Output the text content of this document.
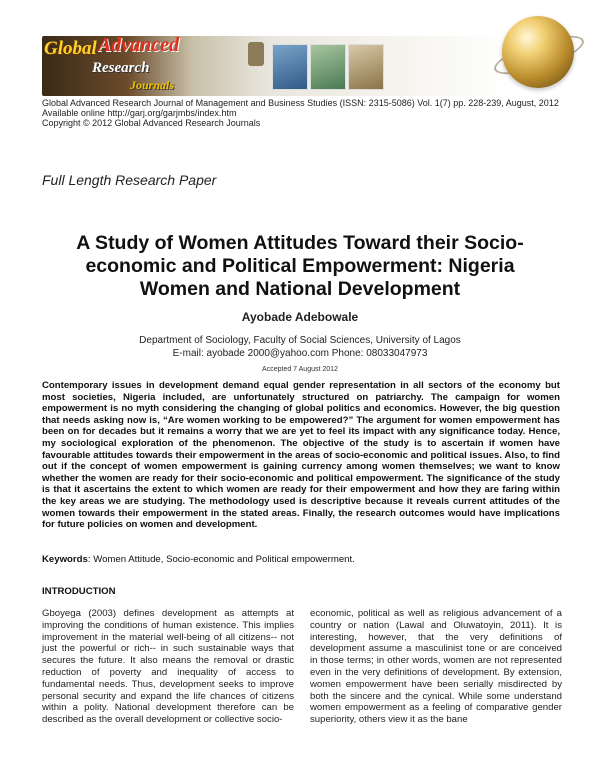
Global Advanced
Research
Journals
Global Advanced Research Journal of Management and Business Studies (ISSN: 2315-5086) Vol. 1(7) pp. 228-239, August, 2012
Available online http://garj.org/garjmbs/index.htm
Copyright © 2012 Global Advanced Research Journals
Full Length Research Paper
A Study of Women Attitudes Toward their Socio-economic and Political Empowerment: Nigeria Women and National Development
Ayobade Adebowale
Department of Sociology, Faculty of Social Sciences, University of Lagos
E-mail: ayobade 2000@yahoo.com Phone: 08033047973
Accepted 7 August 2012
Contemporary issues in development demand equal gender representation in all sectors of the economy but most societies, Nigeria included, are unfortunately structured on patriarchy. The campaign for women empowerment is no myth considering the changing of global politics and economics. However, the big question that needs asking now is, “Are women working to be empowered?” The argument for women empowerment has been on for decades but it remains a worry that we are yet to feel its impact with any significance today. Hence, my sociological exploration of the phenomenon. The objective of the study is to ascertain if women have favourable attitudes towards their empowerment in the areas of socio-economic and political issues. Also, to find out if the concept of women empowerment is gaining currency among women themselves; we want to know whether the women are ready for their socio-economic and political empowerment. The significance of the study is that it ascertains the extent to which women are ready for their empowerment and how they are faring within the key areas we are studying. The methodology used is descriptive because it reveals current attitudes of the women towards their empowerment in the stated areas. Finally, the research outcomes would have implications for future policies on women and development.
Keywords: Women Attitude, Socio-economic and Political empowerment.
INTRODUCTION
Gboyega (2003) defines development as attempts at improving the conditions of human existence. This implies improvement in the material well-being of all citizens-- not just the powerful or rich-- in such sustainable ways that secures the future. It also means the removal or drastic reduction of poverty and inequality of access to fundamental needs. Thus, development seeks to improve personal security and expand the life chances of citizens within a polity. National development therefore can be described as the overall development or collective socio-
economic, political as well as religious advancement of a country or nation (Lawal and Oluwatoyin, 2011). It is interesting, however, that the very definitions of development assume a masculinist tone or are conceived in those terms; in other words, women are not represented even in the very definitions of development. By extension, women empowerment have been serially misdirected by both the sincere and the cynical. While some understand women empowerment as a feeling of comparative gender superiority, others view it as the bane
